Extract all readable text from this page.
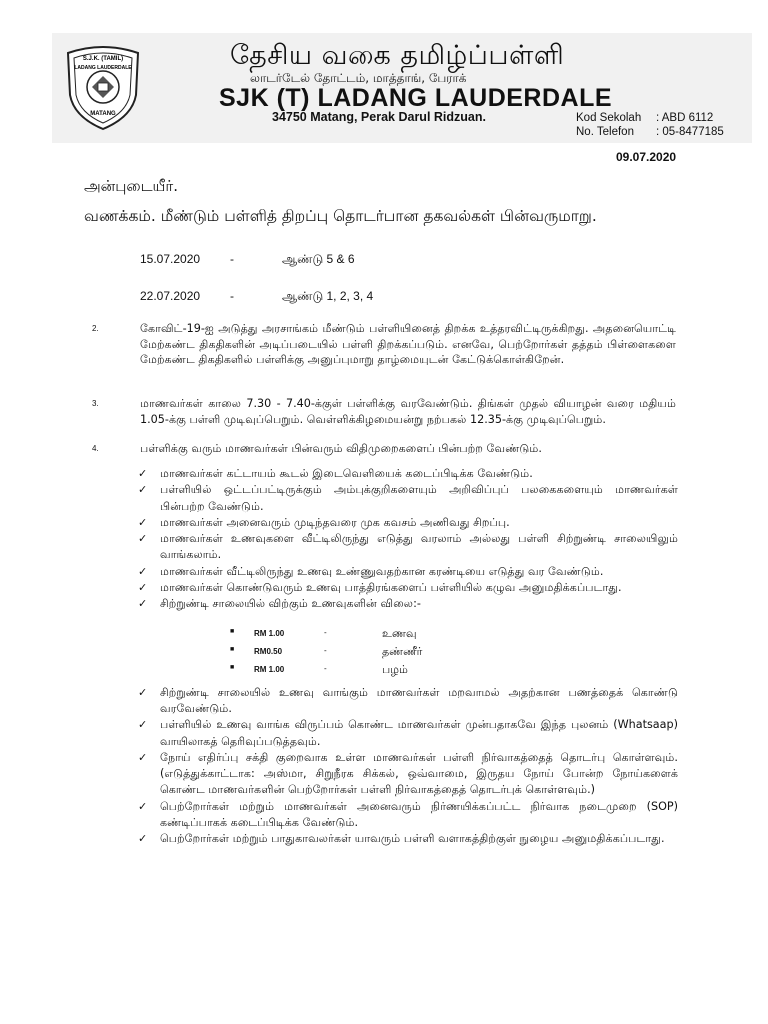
S.J.K. (TAMIL)
LADANG LAUDERDALE
MATANG
தேசிய வகை தமிழ்ப்பள்ளி
லாடர்டேல் தோட்டம், மாத்தாங், பேராக்
SJK (T) LADANG LAUDERDALE
34750 Matang, Perak Darul Ridzuan.	Kod Sekolah	: ABD 6112
No. Telefon	: 05-8477185
09.07.2020
அன்புடையீர்.
வணக்கம். மீண்டும் பள்ளித் திறப்பு தொடர்பான தகவல்கள் பின்வருமாறு.
15.07.2020	-	ஆண்டு 5 & 6
22.07.2020	-	ஆண்டு 1, 2, 3, 4
2.	கோவிட்-19-ஐ அடுத்து அரசாங்கம் மீண்டும் பள்ளியினைத் திறக்க உத்தரவிட்டிருக்கிறது. அதனையொட்டி மேற்கண்ட திகதிகளின் அடிப்படையில் பள்ளி திறக்கப்படும். எனவே, பெற்றோர்கள் தத்தம் பிள்ளைகளை மேற்கண்ட திகதிகளில் பள்ளிக்கு அனுப்புமாறு தாழ்மையுடன் கேட்டுக்கொள்கிறேன்.
3.	மாணவர்கள் காலை 7.30 - 7.40-க்குள் பள்ளிக்கு வரவேண்டும். திங்கள் முதல் வியாழன் வரை மதியம் 1.05-க்கு பள்ளி முடிவுப்பெறும். வெள்ளிக்கிழமையன்று நற்பகல் 12.35-க்கு முடிவுப்பெறும்.
4.	பள்ளிக்கு வரும் மாணவர்கள் பின்வரும் விதிமுறைகளைப் பின்பற்ற வேண்டும்.
✓ மாணவர்கள் கட்டாயம் கூடல் இடைவெளியைக் கடைப்பிடிக்க வேண்டும்.
✓ பள்ளியில் ஒட்டப்பட்டிருக்கும் அம்புக்குறிகளையும் அறிவிப்புப் பலகைகளையும் மாணவர்கள் பின்பற்ற வேண்டும்.
✓ மாணவர்கள் அனைவரும் முடிந்தவரை முக கவசம் அணிவது சிறப்பு.
✓ மாணவர்கள் உணவுகளை வீட்டிலிருந்து எடுத்து வரலாம் அல்லது பள்ளி சிற்றுண்டி சாலையிலும் வாங்கலாம்.
✓ மாணவர்கள் வீட்டிலிருந்து உணவு உண்ணுவதற்கான கரண்டியை எடுத்து வர வேண்டும்.
✓ மாணவர்கள் கொண்டுவரும் உணவு பாத்திரங்களைப் பள்ளியில் கழுவ அனுமதிக்கப்படாது.
✓ சிற்றுண்டி சாலையில் விற்கும் உணவுகளின் விலை:-
■ RM 1.00	-	உணவு
■ RM0.50	-	தண்ணீர்
■ RM 1.00	-	பழம்
✓ சிற்றுண்டி சாலையில் உணவு வாங்கும் மாணவர்கள் மறவாமல் அதற்கான பணத்தைக் கொண்டு வரவேண்டும்.
✓ பள்ளியில் உணவு வாங்க விருப்பம் கொண்ட மாணவர்கள் முன்பதாகவே இந்த புலனம் (Whatsaap) வாயிலாகத் தெரிவுப்படுத்தவும்.
✓ நோய் எதிர்ப்பு சக்தி குறைவாக உள்ள மாணவர்கள் பள்ளி நிர்வாகத்தைத் தொடர்பு கொள்ளவும். (எடுத்துக்காட்டாக: அஸ்மா, சிறுநீரக சிக்கல், ஒவ்வாமை, இருதய நோய் போன்ற நோய்களைக் கொண்ட மாணவர்களின் பெற்றோர்கள் பள்ளி நிர்வாகத்தைத் தொடர்புக் கொள்ளவும்.)
✓ பெற்றோர்கள் மற்றும் மாணவர்கள் அனைவரும் நிர்ணயிக்கப்பட்ட நிர்வாக நடைமுறை (SOP) கண்டிப்பாகக் கடைப்பிடிக்க வேண்டும்.
✓ பெற்றோர்கள் மற்றும் பாதுகாவலர்கள் யாவரும் பள்ளி வளாகத்திற்குள் நுழைய அனுமதிக்கப்படாது.
